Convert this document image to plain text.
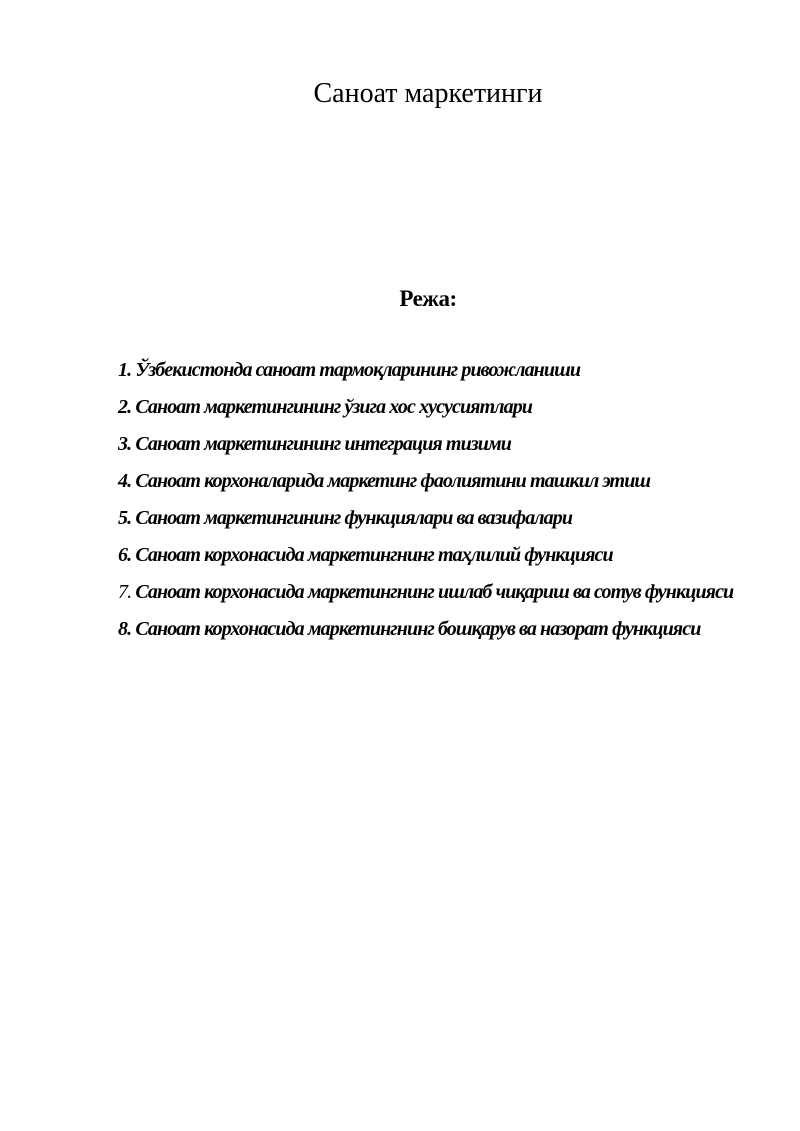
Саноат маркетинги
Режа:
1. Ўзбекистонда саноат тармоқларининг ривожланиши
2. Саноат маркетингининг ўзига хос хусусиятлари
3. Саноат маркетингининг интеграция тизими
4. Саноат корхоналарида маркетинг фаолиятини ташкил этиш
5. Саноат маркетингининг функциялари ва вазифалари
6. Саноат корхонасида маркетингнинг таҳлилий функцияси
7. Саноат корхонасида маркетингнинг ишлаб чиқариш ва сотув функцияси
8. Саноат корхонасида маркетингнинг бошқарув ва назорат функцияси
